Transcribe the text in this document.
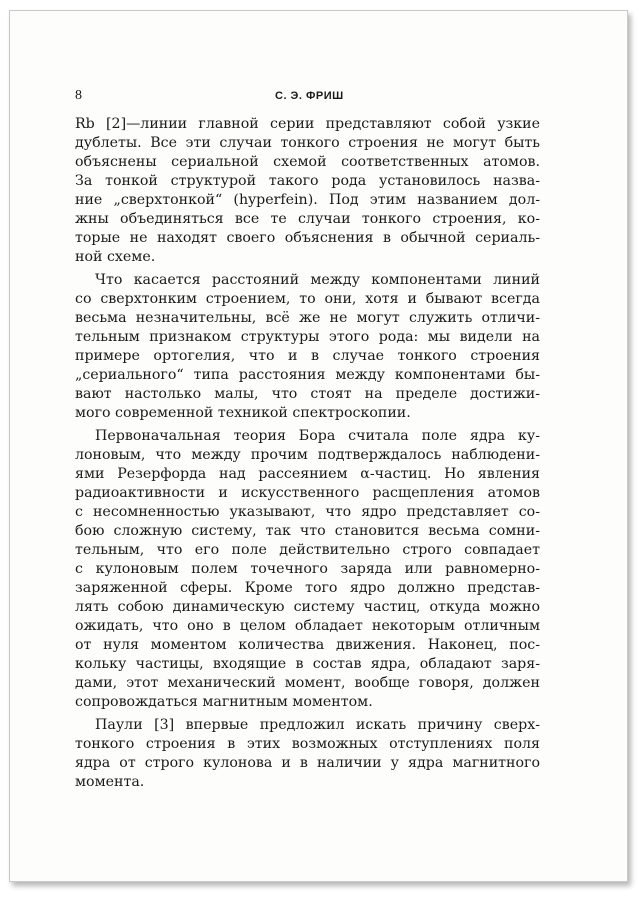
8	С. Э. ФРИШ
Rb [2]—линии главной серии представляют собой узкие
дублеты. Все эти случаи тонкого строения не могут быть
объяснены сериальной схемой соответственных атомов.
За тонкой структурой такого рода установилось назва-
ние „сверхтонкой“ (hyperfein). Под этим названием дол-
жны объединяться все те случаи тонкого строения, ко-
торые не находят своего объяснения в обычной сериаль-
ной схеме.
Что касается расстояний между компонентами линий
со сверхтонким строением, то они, хотя и бывают всегда
весьма незначительны, всё же не могут служить отличи-
тельным признаком структуры этого рода: мы видели на
примере ортогелия, что и в случае тонкого строения
„сериального“ типа расстояния между компонентами бы-
вают настолько малы, что стоят на пределе достижи-
мого современной техникой спектроскопии.
Первоначальная теория Бора считала поле ядра ку-
лоновым, что между прочим подтверждалось наблюдени-
ями Резерфорда над рассеянием α-частиц. Но явления
радиоактивности и искусственного расщепления атомов
с несомненностью указывают, что ядро представляет со-
бою сложную систему, так что становится весьма сомни-
тельным, что его поле действительно строго совпадает
с кулоновым полем точечного заряда или равномерно-
заряженной сферы. Кроме того ядро должно представ-
лять собою динамическую систему частиц, откуда можно
ожидать, что оно в целом обладает некоторым отличным
от нуля моментом количества движения. Наконец, пос-
кольку частицы, входящие в состав ядра, обладают заря-
дами, этот механический момент, вообще говоря, должен
сопровождаться магнитным моментом.
Паули [3] впервые предложил искать причину сверх-
тонкого строения в этих возможных отступлениях поля
ядра от строго кулонова и в наличии у ядра магнитного
момента.
